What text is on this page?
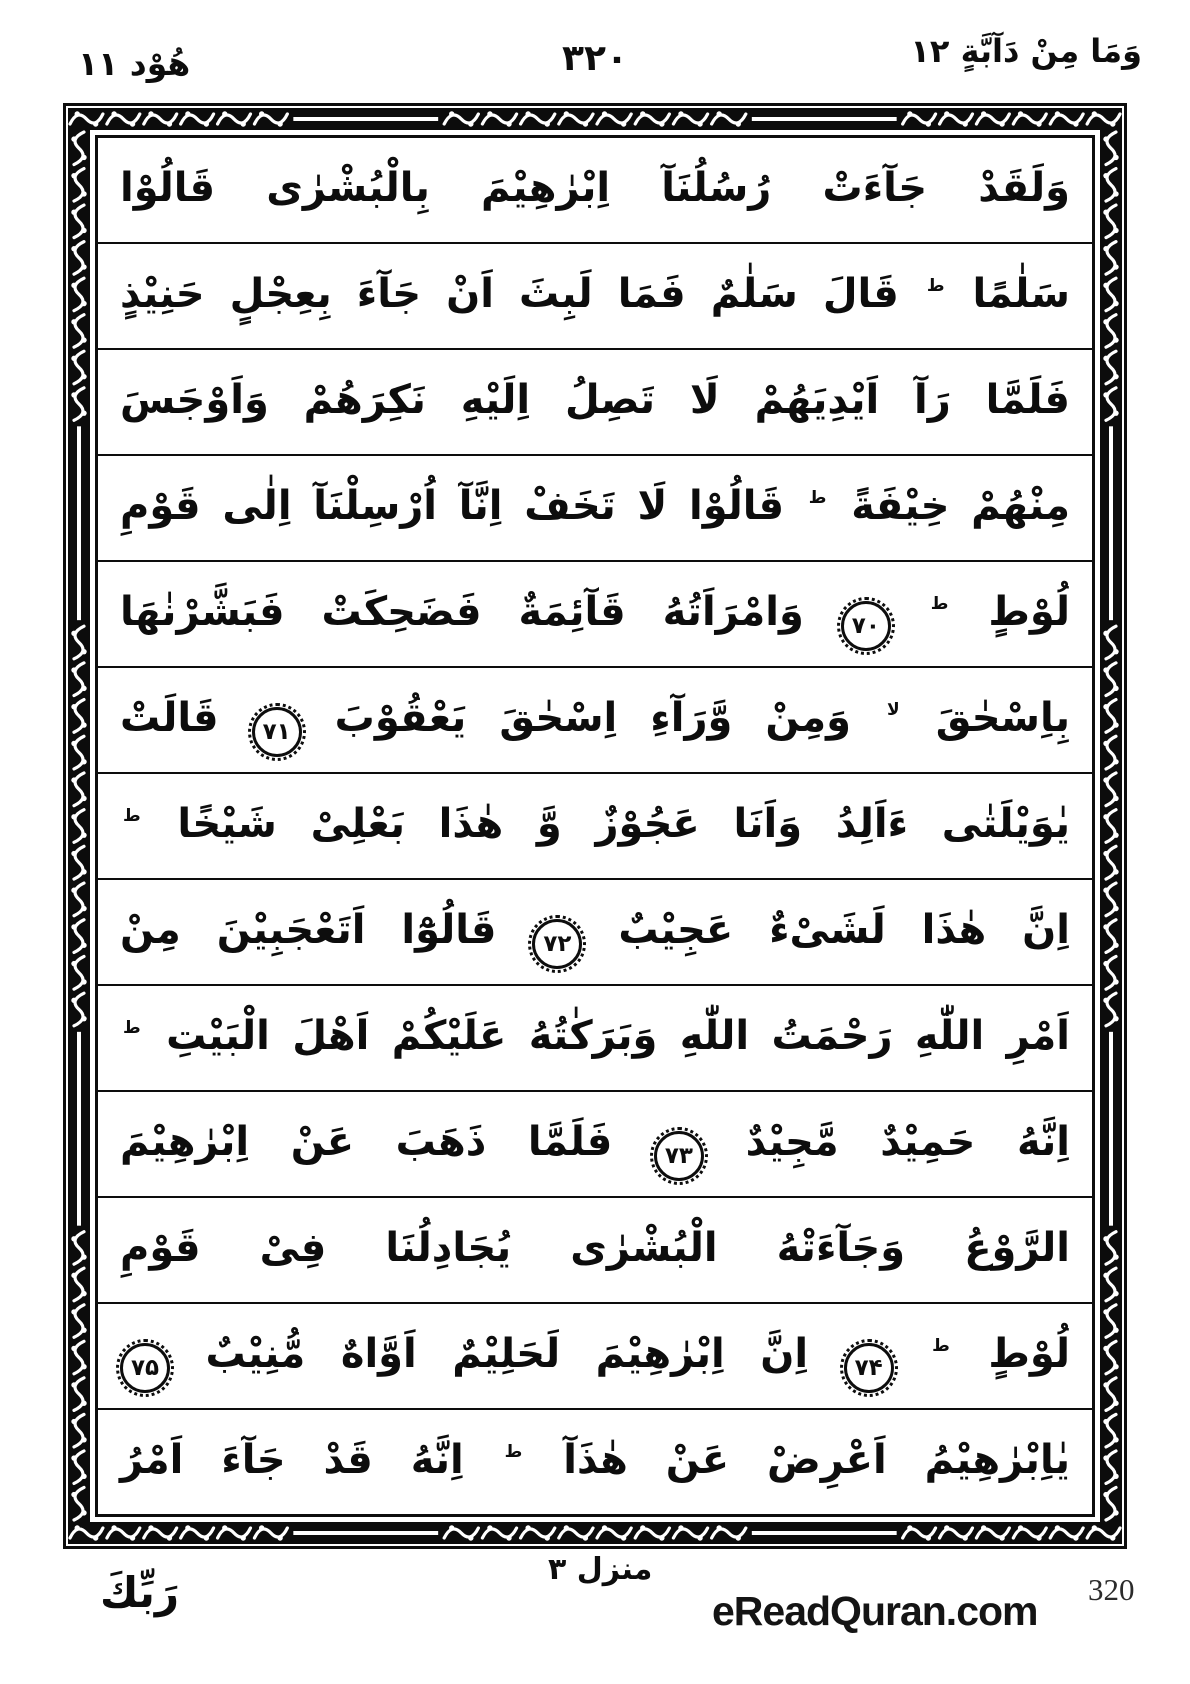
هُوْد ۱۱	۳۲۰	وَمَا مِنْ دَآبَّةٍ ۱۲
وَلَقَدْ جَآءَتْ رُسُلُنَآ اِبْرٰهِيْمَ بِالْبُشْرٰى قَالُوْا
سَلٰمًا ط قَالَ سَلٰمٌ فَمَا لَبِثَ اَنْ جَآءَ بِعِجْلٍ حَنِيْذٍ
فَلَمَّا رَآ اَيْدِيَهُمْ لَا تَصِلُ اِلَيْهِ نَكِرَهُمْ وَاَوْجَسَ
مِنْهُمْ خِيْفَةً ط قَالُوْا لَا تَخَفْ اِنَّآ اُرْسِلْنَآ اِلٰى قَوْمِ
لُوْطٍ ط ۷۰ وَامْرَاَتُهُ قَآئِمَةٌ فَضَحِكَتْ فَبَشَّرْنٰهَا
بِاِسْحٰقَ لا وَمِنْ وَّرَآءِ اِسْحٰقَ يَعْقُوْبَ ۷۱ قَالَتْ
يٰوَيْلَتٰى ءَاَلِدُ وَاَنَا عَجُوْزٌ وَّ هٰذَا بَعْلِىْ شَيْخًا ط
اِنَّ هٰذَا لَشَىْءٌ عَجِيْبٌ ۷۲ قَالُوْٓا اَتَعْجَبِيْنَ مِنْ
اَمْرِ اللّٰهِ رَحْمَتُ اللّٰهِ وَبَرَكٰتُهُ عَلَيْكُمْ اَهْلَ الْبَيْتِ ط
اِنَّهُ حَمِيْدٌ مَّجِيْدٌ ۷۳ فَلَمَّا ذَهَبَ عَنْ اِبْرٰهِيْمَ
الرَّوْعُ وَجَآءَتْهُ الْبُشْرٰى يُجَادِلُنَا فِىْ قَوْمِ
لُوْطٍ ط ۷۴ اِنَّ اِبْرٰهِيْمَ لَحَلِيْمٌ اَوَّاهٌ مُّنِيْبٌ ۷۵
يٰاِبْرٰهِيْمُ اَعْرِضْ عَنْ هٰذَآ ط اِنَّهُ قَدْ جَآءَ اَمْرُ
رَبِّكَ	منزل ۳
eReadQuran.com 320
